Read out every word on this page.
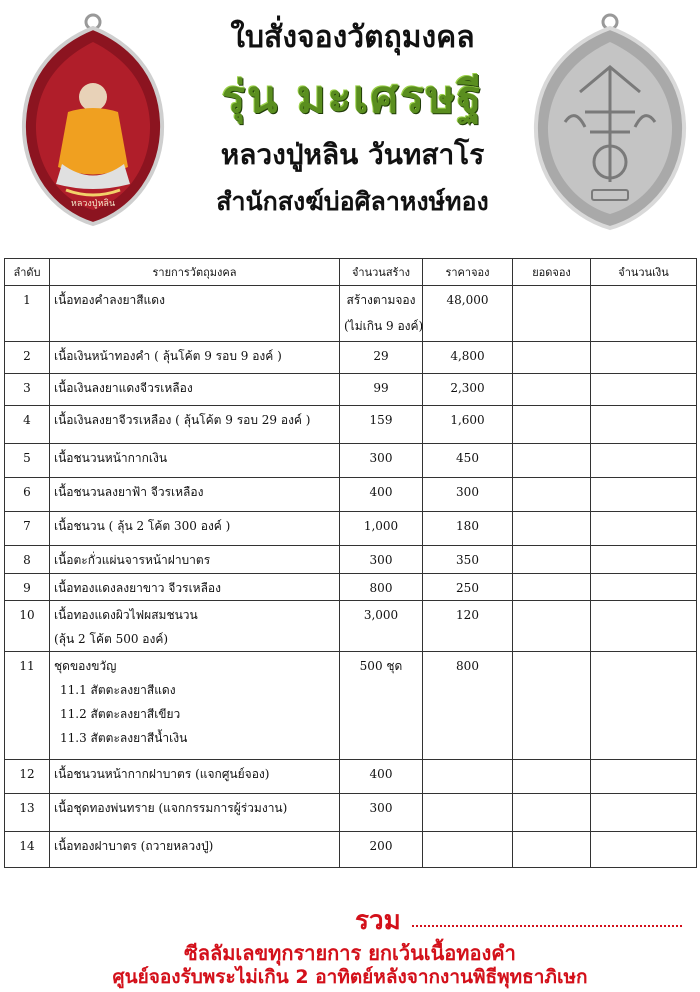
หลวงปู่หลิน
ใบสั่งจองวัตถุมงคล
รุ่น มะเศรษฐี
หลวงปู่หลิน วันทสาโร
สำนักสงฆ์บ่อศิลาหงษ์ทอง
ลำดับ	รายการวัตถุมงคล	จำนวนสร้าง	ราคาจอง	ยอดจอง	จำนวนเงิน

1	เนื้อทองคำลงยาสีแดง	สร้างตามจอง
(ไม่เกิน 9 องค์)	48,000		

2	เนื้อเงินหน้าทองคำ ( ลุ้นโค้ต 9 รอบ 9 องค์ )	29	4,800		

3	เนื้อเงินลงยาแดงจีวรเหลือง	99	2,300		

4	เนื้อเงินลงยาจีวรเหลือง ( ลุ้นโค้ต 9 รอบ 29 องค์ )	159	1,600		

5	เนื้อชนวนหน้ากากเงิน	300	450		

6	เนื้อชนวนลงยาฟ้า จีวรเหลือง	400	300		

7	เนื้อชนวน ( ลุ้น 2 โค้ต 300 องค์ )	1,000	180		

8	เนื้อตะกั่วแผ่นจารหน้าฝาบาตร	300	350		

9	เนื้อทองแดงลงยาขาว จีวรเหลือง	800	250		

10	เนื้อทองแดงผิวไฟผสมชนวน
(ลุ้น 2 โค้ต 500 องค์)	3,000	120		

11	ชุดของขวัญ
11.1 สัตตะลงยาสีแดง
11.2 สัตตะลงยาสีเขียว
11.3 สัตตะลงยาสีน้ำเงิน	500 ชุด	800		

12	เนื้อชนวนหน้ากากฝาบาตร (แจกศูนย์จอง)	400			

13	เนื้อชุดทองพ่นทราย (แจกกรรมการผู้ร่วมงาน)	300			

14	เนื้อทองฝาบาตร (ถวายหลวงปู่)	200			

รวม
ซีลลัมเลขทุกรายการ ยกเว้นเนื้อทองคำ
ศูนย์จองรับพระไม่เกิน 2 อาทิตย์หลังจากงานพิธีพุทธาภิเษก
